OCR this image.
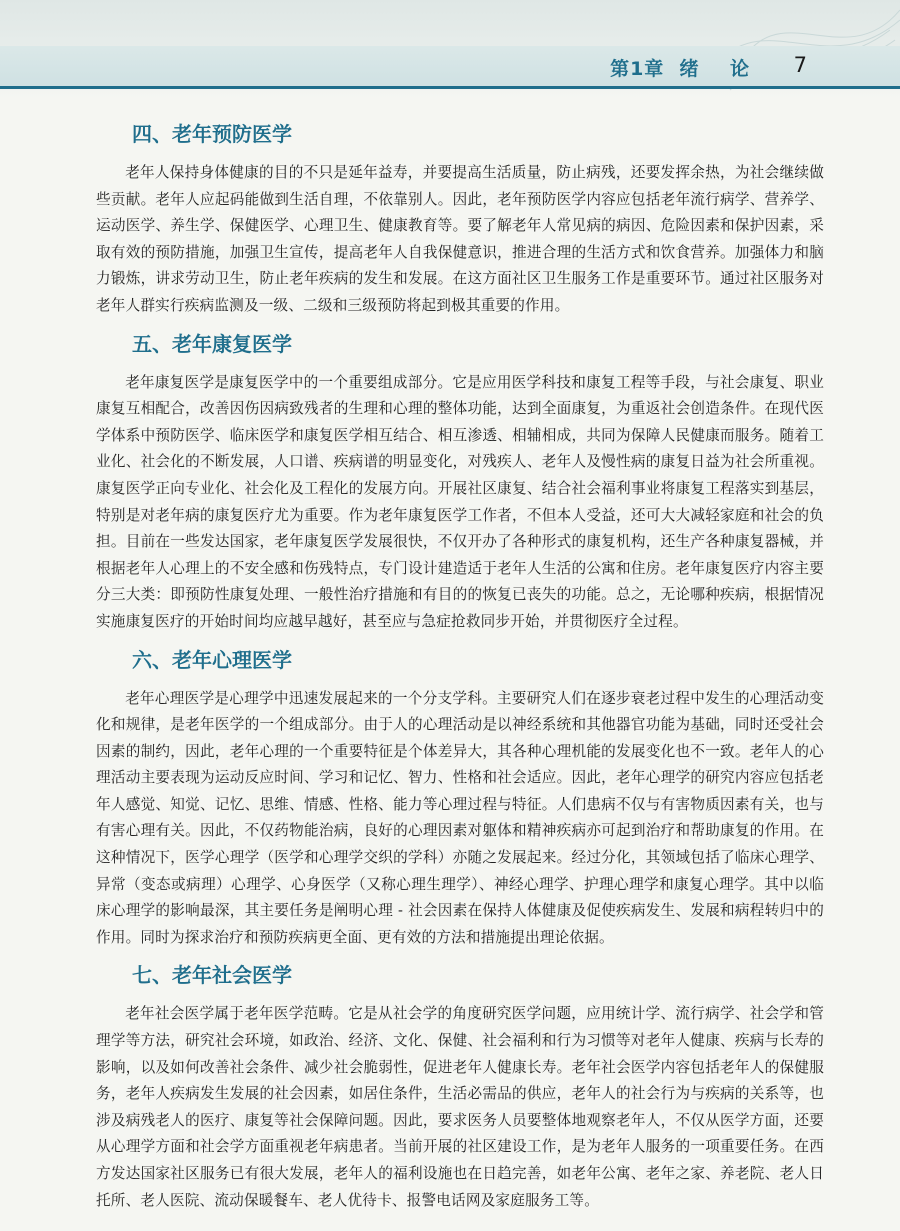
第1章  绪    论 7
四、老年预防医学

老年人保持身体健康的目的不只是延年益寿，并要提高生活质量，防止病残，还要发挥余热，为社会继续做些贡献。老年人应起码能做到生活自理，不依靠别人。因此，老年预防医学内容应包括老年流行病学、营养学、运动医学、养生学、保健医学、心理卫生、健康教育等。要了解老年人常见病的病因、危险因素和保护因素，采取有效的预防措施，加强卫生宣传，提高老年人自我保健意识，推进合理的生活方式和饮食营养。加强体力和脑力锻炼，讲求劳动卫生，防止老年疾病的发生和发展。在这方面社区卫生服务工作是重要环节。通过社区服务对老年人群实行疾病监测及一级、二级和三级预防将起到极其重要的作用。

五、老年康复医学

老年康复医学是康复医学中的一个重要组成部分。它是应用医学科技和康复工程等手段，与社会康复、职业康复互相配合，改善因伤因病致残者的生理和心理的整体功能，达到全面康复，为重返社会创造条件。在现代医学体系中预防医学、临床医学和康复医学相互结合、相互渗透、相辅相成，共同为保障人民健康而服务。随着工业化、社会化的不断发展，人口谱、疾病谱的明显变化，对残疾人、老年人及慢性病的康复日益为社会所重视。康复医学正向专业化、社会化及工程化的发展方向。开展社区康复、结合社会福利事业将康复工程落实到基层，特别是对老年病的康复医疗尤为重要。作为老年康复医学工作者，不但本人受益，还可大大减轻家庭和社会的负担。目前在一些发达国家，老年康复医学发展很快，不仅开办了各种形式的康复机构，还生产各种康复器械，并根据老年人心理上的不安全感和伤残特点，专门设计建造适于老年人生活的公寓和住房。老年康复医疗内容主要分三大类：即预防性康复处理、一般性治疗措施和有目的的恢复已丧失的功能。总之，无论哪种疾病，根据情况实施康复医疗的开始时间均应越早越好，甚至应与急症抢救同步开始，并贯彻医疗全过程。

六、老年心理医学

老年心理医学是心理学中迅速发展起来的一个分支学科。主要研究人们在逐步衰老过程中发生的心理活动变化和规律，是老年医学的一个组成部分。由于人的心理活动是以神经系统和其他器官功能为基础，同时还受社会因素的制约，因此，老年心理的一个重要特征是个体差异大，其各种心理机能的发展变化也不一致。老年人的心理活动主要表现为运动反应时间、学习和记忆、智力、性格和社会适应。因此，老年心理学的研究内容应包括老年人感觉、知觉、记忆、思维、情感、性格、能力等心理过程与特征。人们患病不仅与有害物质因素有关，也与有害心理有关。因此，不仅药物能治病，良好的心理因素对躯体和精神疾病亦可起到治疗和帮助康复的作用。在这种情况下，医学心理学（医学和心理学交织的学科）亦随之发展起来。经过分化，其领域包括了临床心理学、异常（变态或病理）心理学、心身医学（又称心理生理学）、神经心理学、护理心理学和康复心理学。其中以临床心理学的影响最深，其主要任务是阐明心理 - 社会因素在保持人体健康及促使疾病发生、发展和病程转归中的作用。同时为探求治疗和预防疾病更全面、更有效的方法和措施提出理论依据。

七、老年社会医学

老年社会医学属于老年医学范畴。它是从社会学的角度研究医学问题，应用统计学、流行病学、社会学和管理学等方法，研究社会环境，如政治、经济、文化、保健、社会福利和行为习惯等对老年人健康、疾病与长寿的影响，以及如何改善社会条件、减少社会脆弱性，促进老年人健康长寿。老年社会医学内容包括老年人的保健服务，老年人疾病发生发展的社会因素，如居住条件，生活必需品的供应，老年人的社会行为与疾病的关系等，也涉及病残老人的医疗、康复等社会保障问题。因此，要求医务人员要整体地观察老年人，不仅从医学方面，还要从心理学方面和社会学方面重视老年病患者。当前开展的社区建设工作，是为老年人服务的一项重要任务。在西方发达国家社区服务已有很大发展，老年人的福利设施也在日趋完善，如老年公寓、老年之家、养老院、老人日托所、老人医院、流动保暖餐车、老人优待卡、报警电话网及家庭服务工等。
